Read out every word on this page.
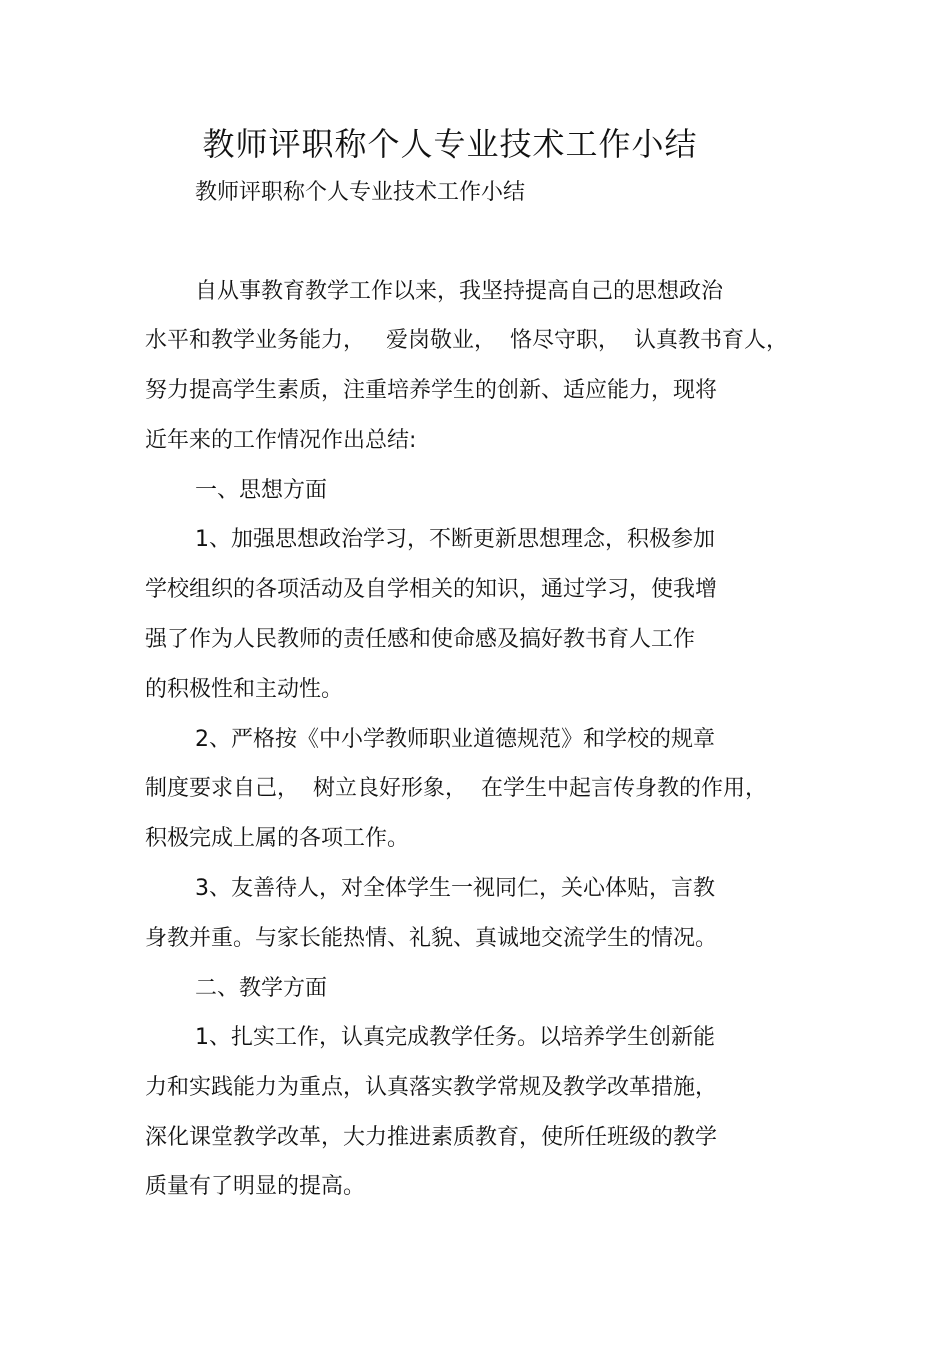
教师评职称个人专业技术工作小结
教师评职称个人专业技术工作小结
自从事教育教学工作以来，我坚持提高自己的思想政治
水平和教学业务能力，   爱岗敬业，  恪尽守职，  认真教书育人，
努力提高学生素质，注重培养学生的创新、适应能力，现将
近年来的工作情况作出总结:
一、思想方面
1、加强思想政治学习，不断更新思想理念，积极参加
学校组织的各项活动及自学相关的知识，通过学习，使我增
强了作为人民教师的责任感和使命感及搞好教书育人工作
的积极性和主动性。
2、严格按《中小学教师职业道德规范》和学校的规章
制度要求自己，  树立良好形象，  在学生中起言传身教的作用，
积极完成上属的各项工作。
3、友善待人，对全体学生一视同仁，关心体贴，言教
身教并重。与家长能热情、礼貌、真诚地交流学生的情况。
二、教学方面
1、扎实工作，认真完成教学任务。以培养学生创新能
力和实践能力为重点，认真落实教学常规及教学改革措施，
深化课堂教学改革，大力推进素质教育，使所任班级的教学
质量有了明显的提高。
